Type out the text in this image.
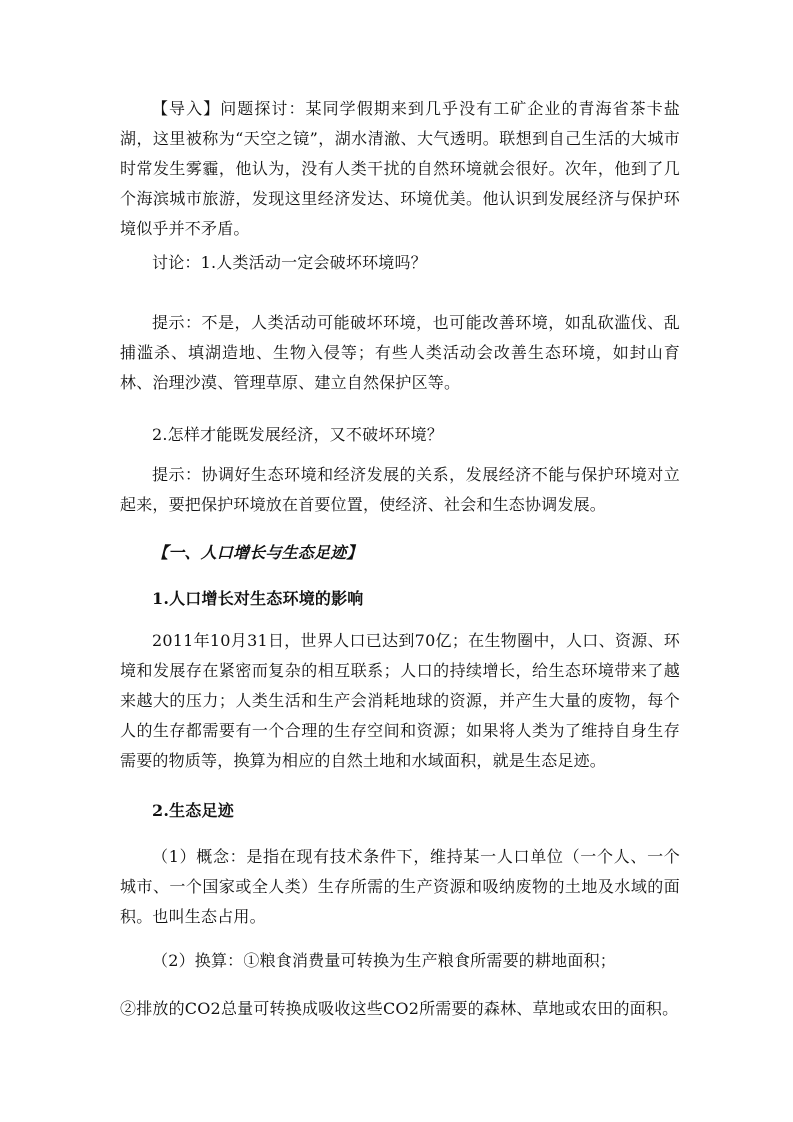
【导入】问题探讨：某同学假期来到几乎没有工矿企业的青海省茶卡盐湖，这里被称为“天空之镜”，湖水清澈、大气透明。联想到自己生活的大城市时常发生雾霾，他认为，没有人类干扰的自然环境就会很好。次年，他到了几个海滨城市旅游，发现这里经济发达、环境优美。他认识到发展经济与保护环境似乎并不矛盾。
讨论：1.人类活动一定会破坏环境吗？
提示：不是，人类活动可能破坏环境，也可能改善环境，如乱砍滥伐、乱捕滥杀、填湖造地、生物入侵等；有些人类活动会改善生态环境，如封山育林、治理沙漠、管理草原、建立自然保护区等。
2.怎样才能既发展经济，又不破坏环境？
提示：协调好生态环境和经济发展的关系，发展经济不能与保护环境对立起来，要把保护环境放在首要位置，使经济、社会和生态协调发展。
【一、人口增长与生态足迹】
1.人口增长对生态环境的影响
2011年10月31日，世界人口已达到70亿；在生物圈中，人口、资源、环境和发展存在紧密而复杂的相互联系；人口的持续增长，给生态环境带来了越来越大的压力；人类生活和生产会消耗地球的资源，并产生大量的废物，每个人的生存都需要有一个合理的生存空间和资源；如果将人类为了维持自身生存需要的物质等，换算为相应的自然土地和水域面积，就是生态足迹。
2.生态足迹
（1）概念：是指在现有技术条件下，维持某一人口单位（一个人、一个城市、一个国家或全人类）生存所需的生产资源和吸纳废物的土地及水域的面积。也叫生态占用。
（2）换算：①粮食消费量可转换为生产粮食所需要的耕地面积；
②排放的CO2总量可转换成吸收这些CO2所需要的森林、草地或农田的面积。
